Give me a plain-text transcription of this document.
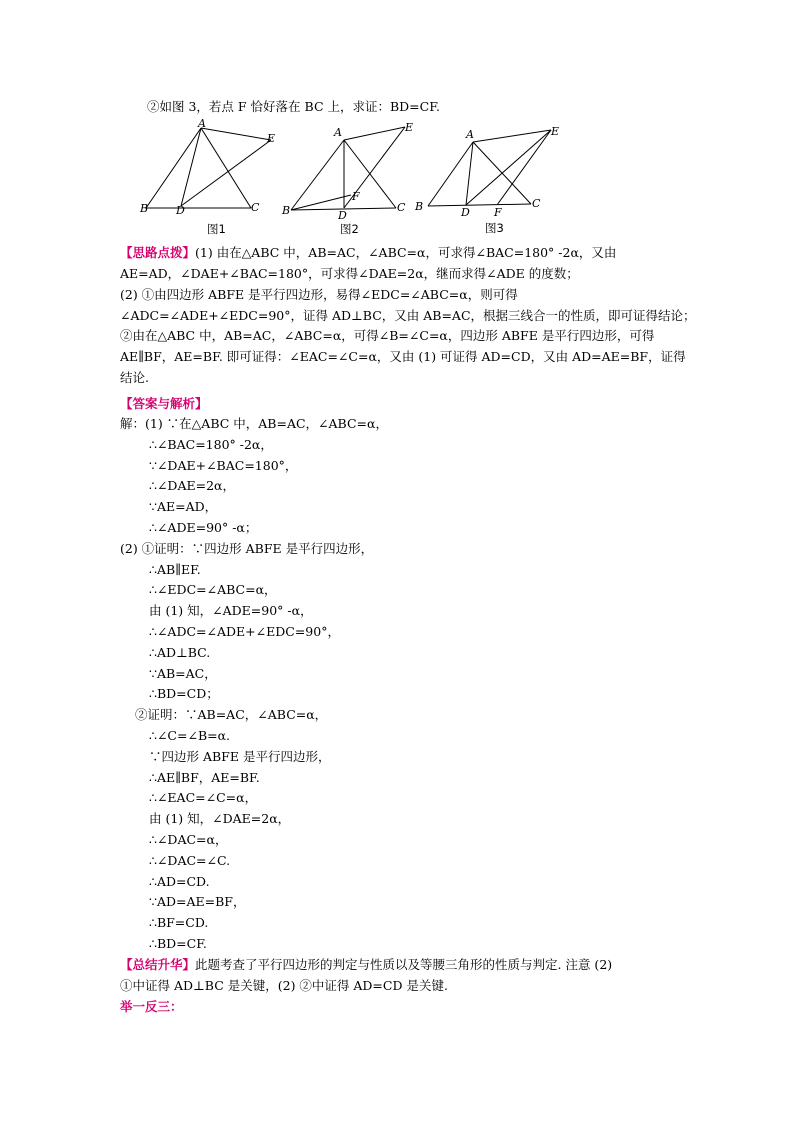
②如图 3，若点 F 恰好落在 BC 上，求证：BD=CF.
A
E
B	D	C
图1
A	E
F
B	D
C
图2
A	E
B	D F
C
图3
【思路点拨】(1) 由在△ABC 中，AB=AC，∠ABC=α，可求得∠BAC=180° -2α，又由
AE=AD，∠DAE+∠BAC=180°，可求得∠DAE=2α，继而求得∠ADE 的度数；
(2) ①由四边形 ABFE 是平行四边形，易得∠EDC=∠ABC=α，则可得
∠ADC=∠ADE+∠EDC=90°，证得 AD⊥BC，又由 AB=AC，根据三线合一的性质，即可证得结论；
②由在△ABC 中，AB=AC，∠ABC=α，可得∠B=∠C=α，四边形 ABFE 是平行四边形，可得
AE∥BF，AE=BF. 即可证得：∠EAC=∠C=α，又由 (1) 可证得 AD=CD，又由 AD=AE=BF，证得
结论.
【答案与解析】
解：(1) ∵在△ABC 中，AB=AC，∠ABC=α，
∴∠BAC=180° -2α，
∵∠DAE+∠BAC=180°，
∴∠DAE=2α，
∵AE=AD，
∴∠ADE=90° -α；
(2) ①证明：∵四边形 ABFE 是平行四边形，
∴AB∥EF.
∴∠EDC=∠ABC=α，
由 (1) 知，∠ADE=90° -α，
∴∠ADC=∠ADE+∠EDC=90°，
∴AD⊥BC.
∵AB=AC，
∴BD=CD；
②证明：∵AB=AC，∠ABC=α，
∴∠C=∠B=α.
∵四边形 ABFE 是平行四边形，
∴AE∥BF，AE=BF.
∴∠EAC=∠C=α，
由 (1) 知，∠DAE=2α，
∴∠DAC=α，
∴∠DAC=∠C.
∴AD=CD.
∵AD=AE=BF，
∴BF=CD.
∴BD=CF.
【总结升华】此题考查了平行四边形的判定与性质以及等腰三角形的性质与判定. 注意 (2)
①中证得 AD⊥BC 是关键，(2) ②中证得 AD=CD 是关键.
举一反三：
